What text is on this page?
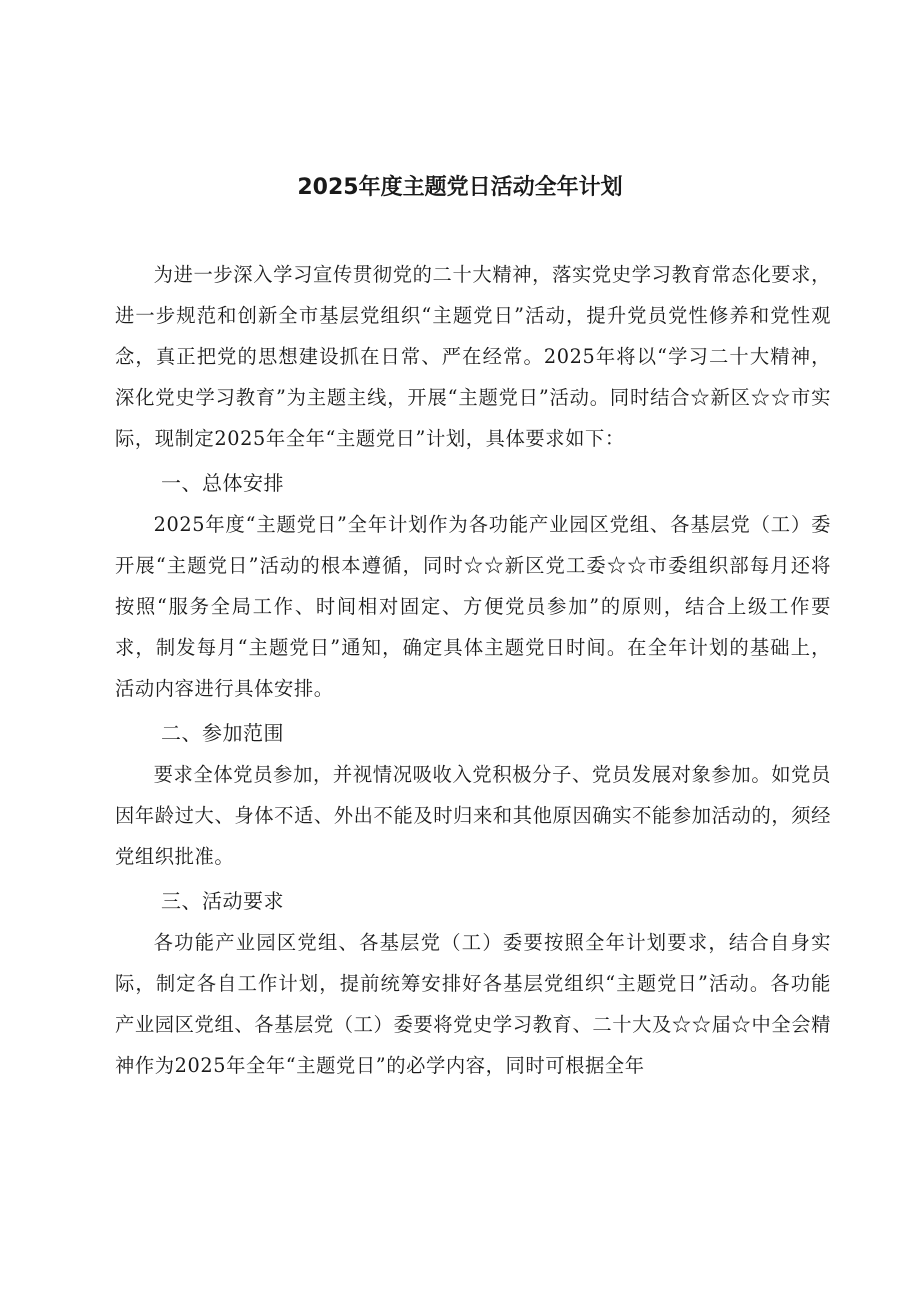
2025年度主题党日活动全年计划

为进一步深入学习宣传贯彻党的二十大精神，落实党史学习教育常态化要求，进一步规范和创新全市基层党组织“主题党日”活动，提升党员党性修养和党性观念，真正把党的思想建设抓在日常、严在经常。2025年将以“学习二十大精神，深化党史学习教育”为主题主线，开展“主题党日”活动。同时结合☆新区☆☆市实际，现制定2025年全年“主题党日”计划，具体要求如下：

一、总体安排

2025年度“主题党日”全年计划作为各功能产业园区党组、各基层党（工）委开展“主题党日”活动的根本遵循，同时☆☆新区党工委☆☆市委组织部每月还将按照“服务全局工作、时间相对固定、方便党员参加”的原则，结合上级工作要求，制发每月“主题党日”通知，确定具体主题党日时间。在全年计划的基础上，活动内容进行具体安排。

二、参加范围

要求全体党员参加，并视情况吸收入党积极分子、党员发展对象参加。如党员因年龄过大、身体不适、外出不能及时归来和其他原因确实不能参加活动的，须经党组织批准。

三、活动要求

各功能产业园区党组、各基层党（工）委要按照全年计划要求，结合自身实际，制定各自工作计划，提前统筹安排好各基层党组织“主题党日”活动。各功能产业园区党组、各基层党（工）委要将党史学习教育、二十大及☆☆届☆中全会精神作为2025年全年“主题党日”的必学内容，同时可根据全年
